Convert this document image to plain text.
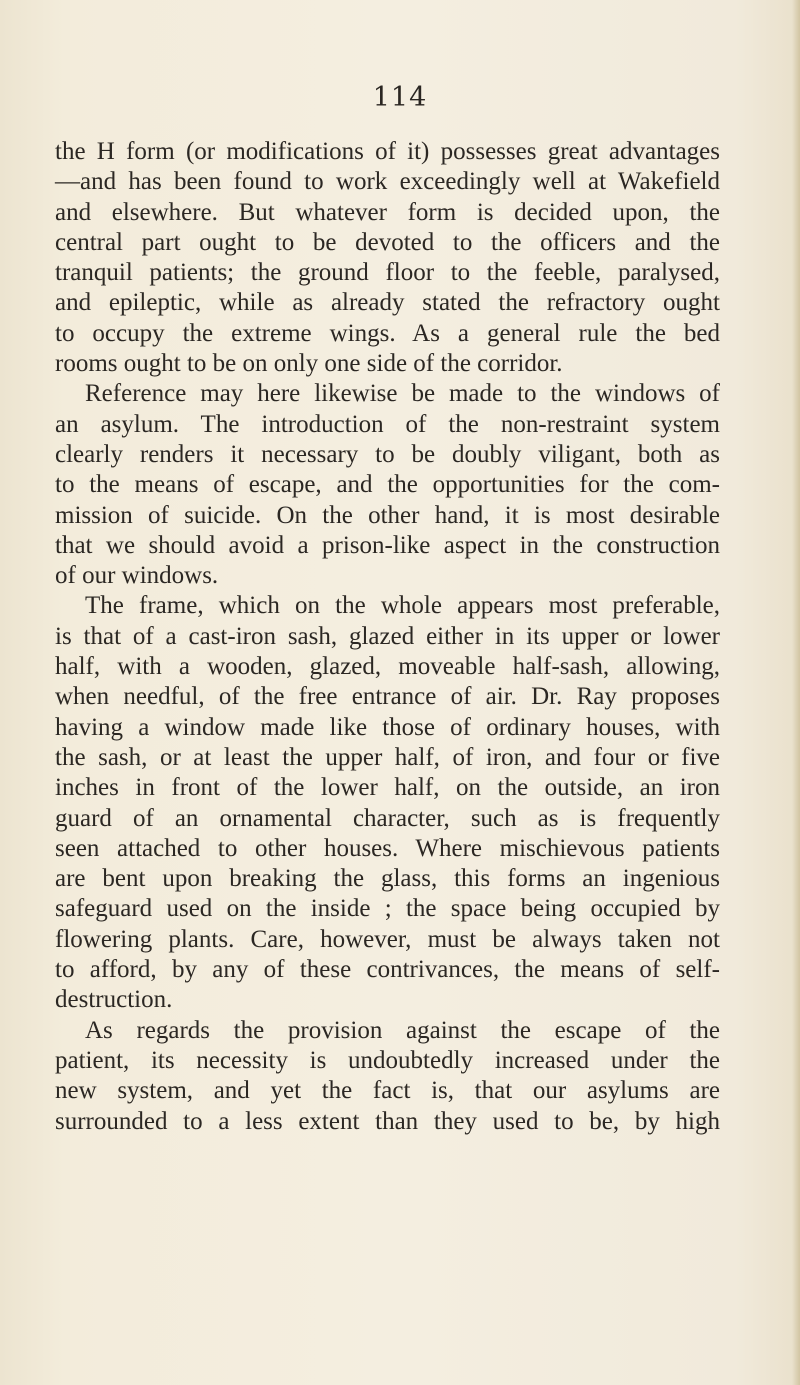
114
the H form (or modifications of it) possesses great advantages
—and has been found to work exceedingly well at Wakefield
and elsewhere. But whatever form is decided upon, the
central part ought to be devoted to the officers and the
tranquil patients; the ground floor to the feeble, paralysed,
and epileptic, while as already stated the refractory ought
to occupy the extreme wings. As a general rule the bed
rooms ought to be on only one side of the corridor.
Reference may here likewise be made to the windows of
an asylum. The introduction of the non-restraint system
clearly renders it necessary to be doubly viligant, both as
to the means of escape, and the opportunities for the com-
mission of suicide. On the other hand, it is most desirable
that we should avoid a prison-like aspect in the construction
of our windows.
The frame, which on the whole appears most preferable,
is that of a cast-iron sash, glazed either in its upper or lower
half, with a wooden, glazed, moveable half-sash, allowing,
when needful, of the free entrance of air. Dr. Ray proposes
having a window made like those of ordinary houses, with
the sash, or at least the upper half, of iron, and four or five
inches in front of the lower half, on the outside, an iron
guard of an ornamental character, such as is frequently
seen attached to other houses. Where mischievous patients
are bent upon breaking the glass, this forms an ingenious
safeguard used on the inside ; the space being occupied by
flowering plants. Care, however, must be always taken not
to afford, by any of these contrivances, the means of self-
destruction.
As regards the provision against the escape of the
patient, its necessity is undoubtedly increased under the
new system, and yet the fact is, that our asylums are
surrounded to a less extent than they used to be, by high
